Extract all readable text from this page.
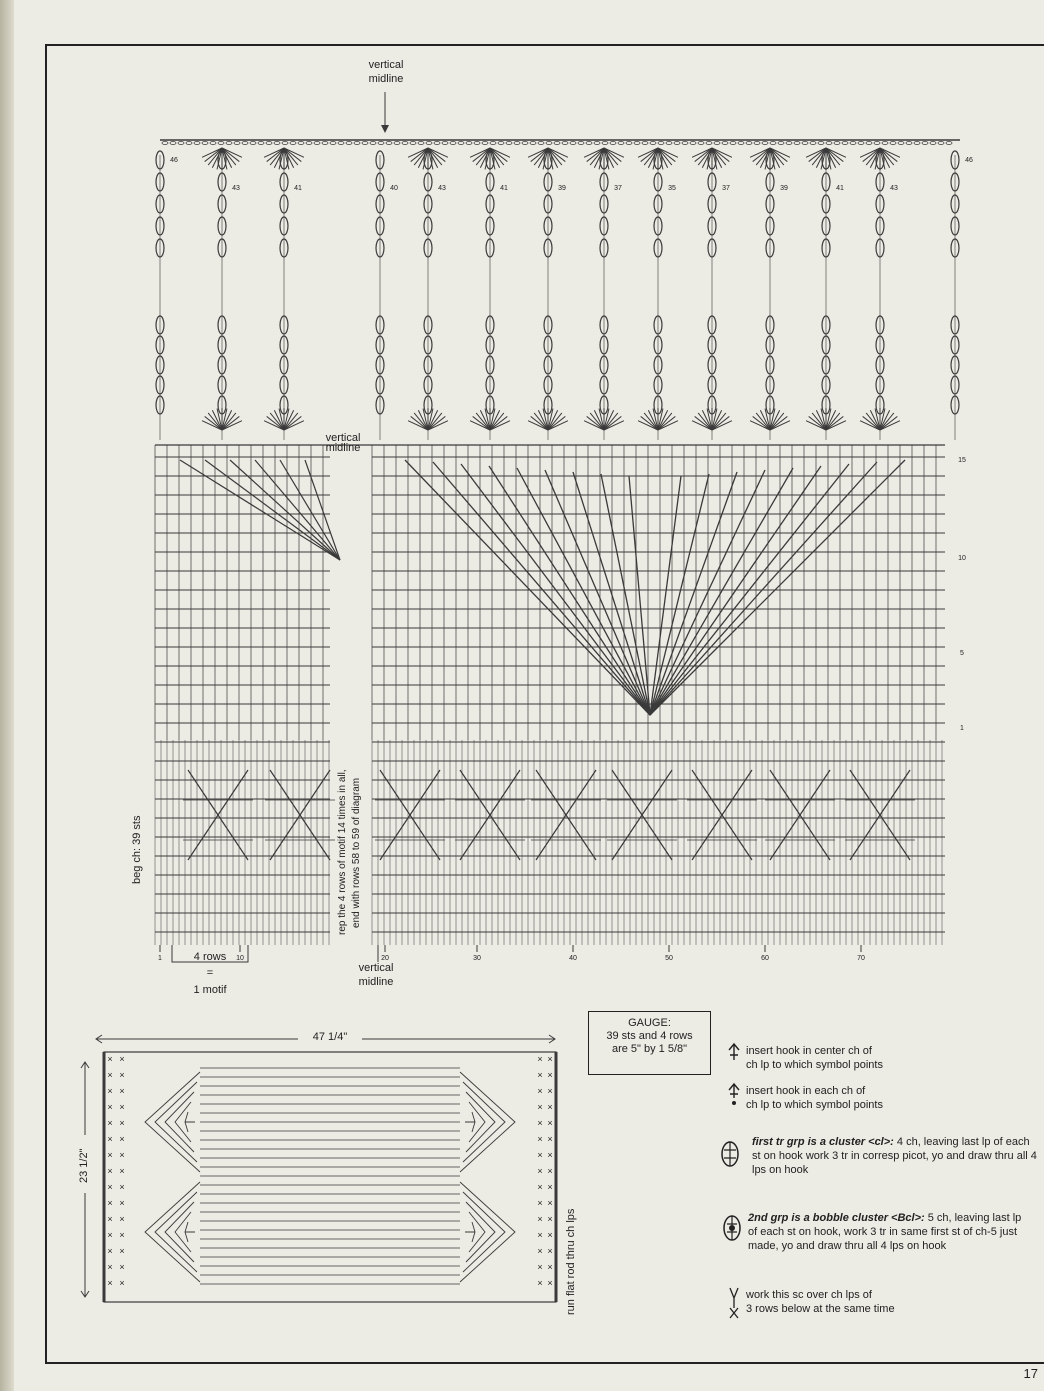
46
43	41	40	43	41	39	37	35	37	39	41	43
46
15
10
5
1
1	10	20	30	40	50	60	70
× ×	× ×
× ×	× ×
× ×	× ×
× ×	× ×
× ×	× ×
× ×	× ×
× ×	× ×
× ×	× ×
× ×	× ×
× ×	× ×
× ×	× ×
× ×	× ×
× ×	× ×
× ×	× ×
× ×	× ×
vertical
midline
vertical
midline
vertical
midline
beg ch: 39 sts	rep the 4 rows of motif 14 times in all, end with rows 58 to 59 of diagram
4 rows
=
1 motif
47 1/4"
23 1/2"
run flat rod thru ch lps
GAUGE:
39 sts and 4 rows
are 5" by 1 5/8"	insert hook in center ch of
ch lp to which symbol points
insert hook in each ch of
ch lp to which symbol points
first tr grp is a cluster <cl>: 4 ch, leaving last lp of each st on hook work 3 tr in corresp picot, yo and draw thru all 4 lps on hook
2nd grp is a bobble cluster <Bcl>: 5 ch, leaving last lp of each st on hook, work 3 tr in same first st of ch-5 just made, yo and draw thru all 4 lps on hook
work this sc over ch lps of
3 rows below at the same time
17
